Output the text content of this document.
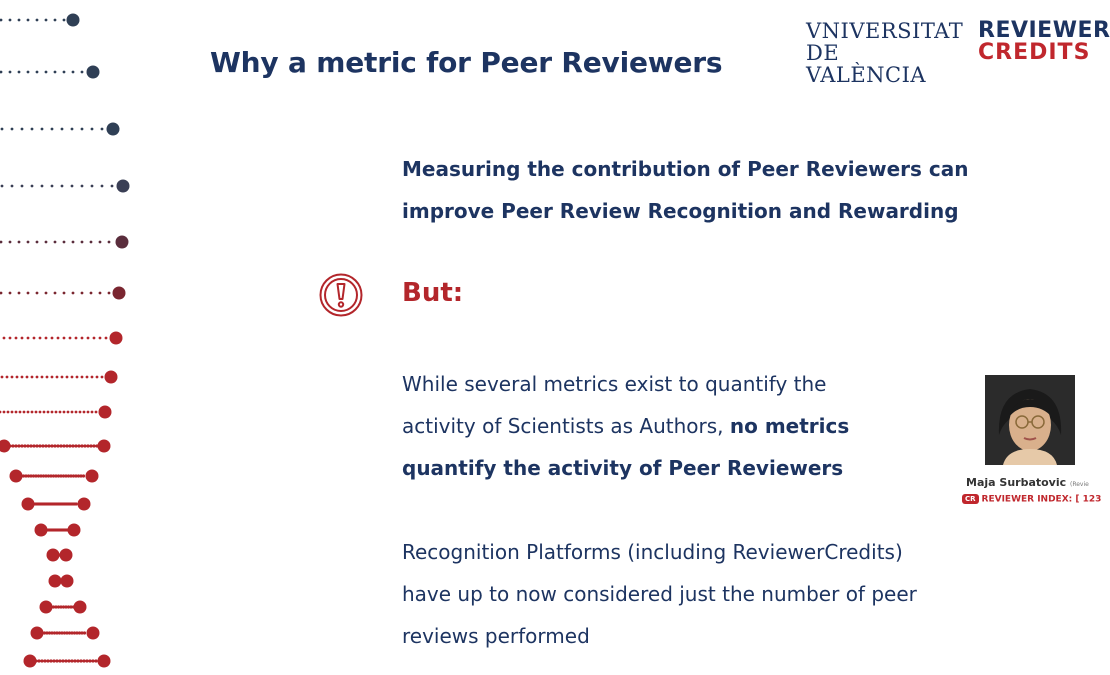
Why a metric for Peer Reviewers
VNIVERSITAT
DE VALÈNCIA
REVIEWER
CREDITS
Measuring the contribution of Peer Reviewers can
improve Peer Review Recognition and Rewarding
But:
While several metrics exist to quantify the
activity of Scientists as Authors, no metrics
quantify the activity of Peer Reviewers
Recognition Platforms (including ReviewerCredits)
have up to now considered just the number of peer
reviews performed
Maja Surbatovic (Revie
CR REVIEWER INDEX: [ 123
